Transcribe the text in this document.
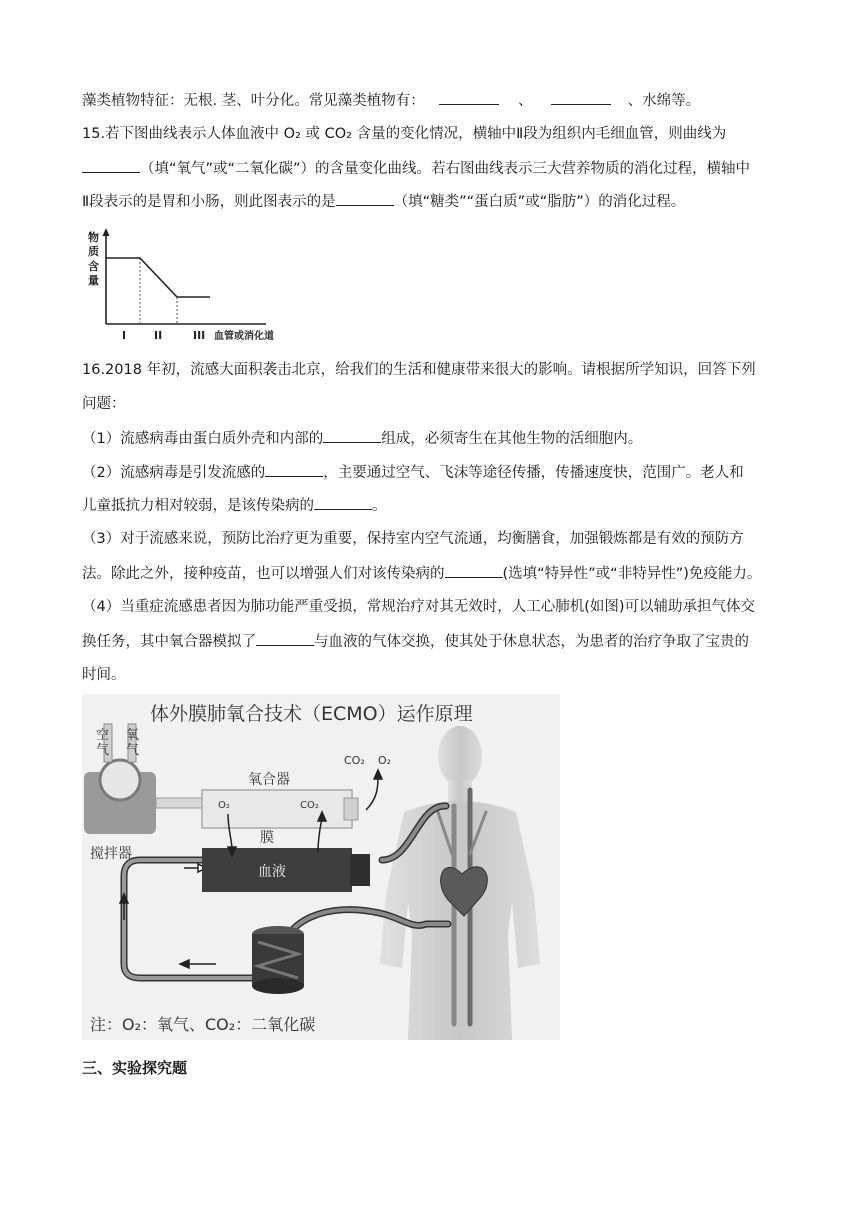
藻类植物特征：无根. 茎、叶分化。常见藻类植物有：	、	、水绵等。
15.若下图曲线表示人体血液中 O₂ 或 CO₂ 含量的变化情况，横轴中Ⅱ段为组织内毛细血管，则曲线为
（填“氧气”或“二氧化碳”）的含量变化曲线。若右图曲线表示三大营养物质的消化过程，横轴中
Ⅱ段表示的是胃和小肠，则此图表示的是	（填“糖类”“蛋白质”或“脂肪”）的消化过程。
物
质
含
量
I	II	III 血管或消化道
16.2018 年初，流感大面积袭击北京，给我们的生活和健康带来很大的影响。请根据所学知识，回答下列
问题：
（1）流感病毒由蛋白质外壳和内部的	组成，必须寄生在其他生物的活细胞内。
（2）流感病毒是引发流感的	，主要通过空气、飞沫等途径传播，传播速度快，范围广。老人和
儿童抵抗力相对较弱，是该传染病的	。
（3）对于流感来说，预防比治疗更为重要，保持室内空气流通，均衡膳食，加强锻炼都是有效的预防方
法。除此之外，接种疫苗，也可以增强人们对该传染病的	(选填“特异性”或“非特异性”)免疫能力。
（4）当重症流感患者因为肺功能严重受损，常规治疗对其无效时，人工心肺机(如图)可以辅助承担气体交
换任务，其中氧合器模拟了	与血液的气体交换，使其处于休息状态，为患者的治疗争取了宝贵的
时间。
体外膜肺氧合技术（ECMO）运作原理
空
气
氧
气
搅拌器
氧合器
O₂	CO₂
膜
血液
CO₂ O₂
注：O₂：氧气、CO₂：二氧化碳
三、实验探究题
